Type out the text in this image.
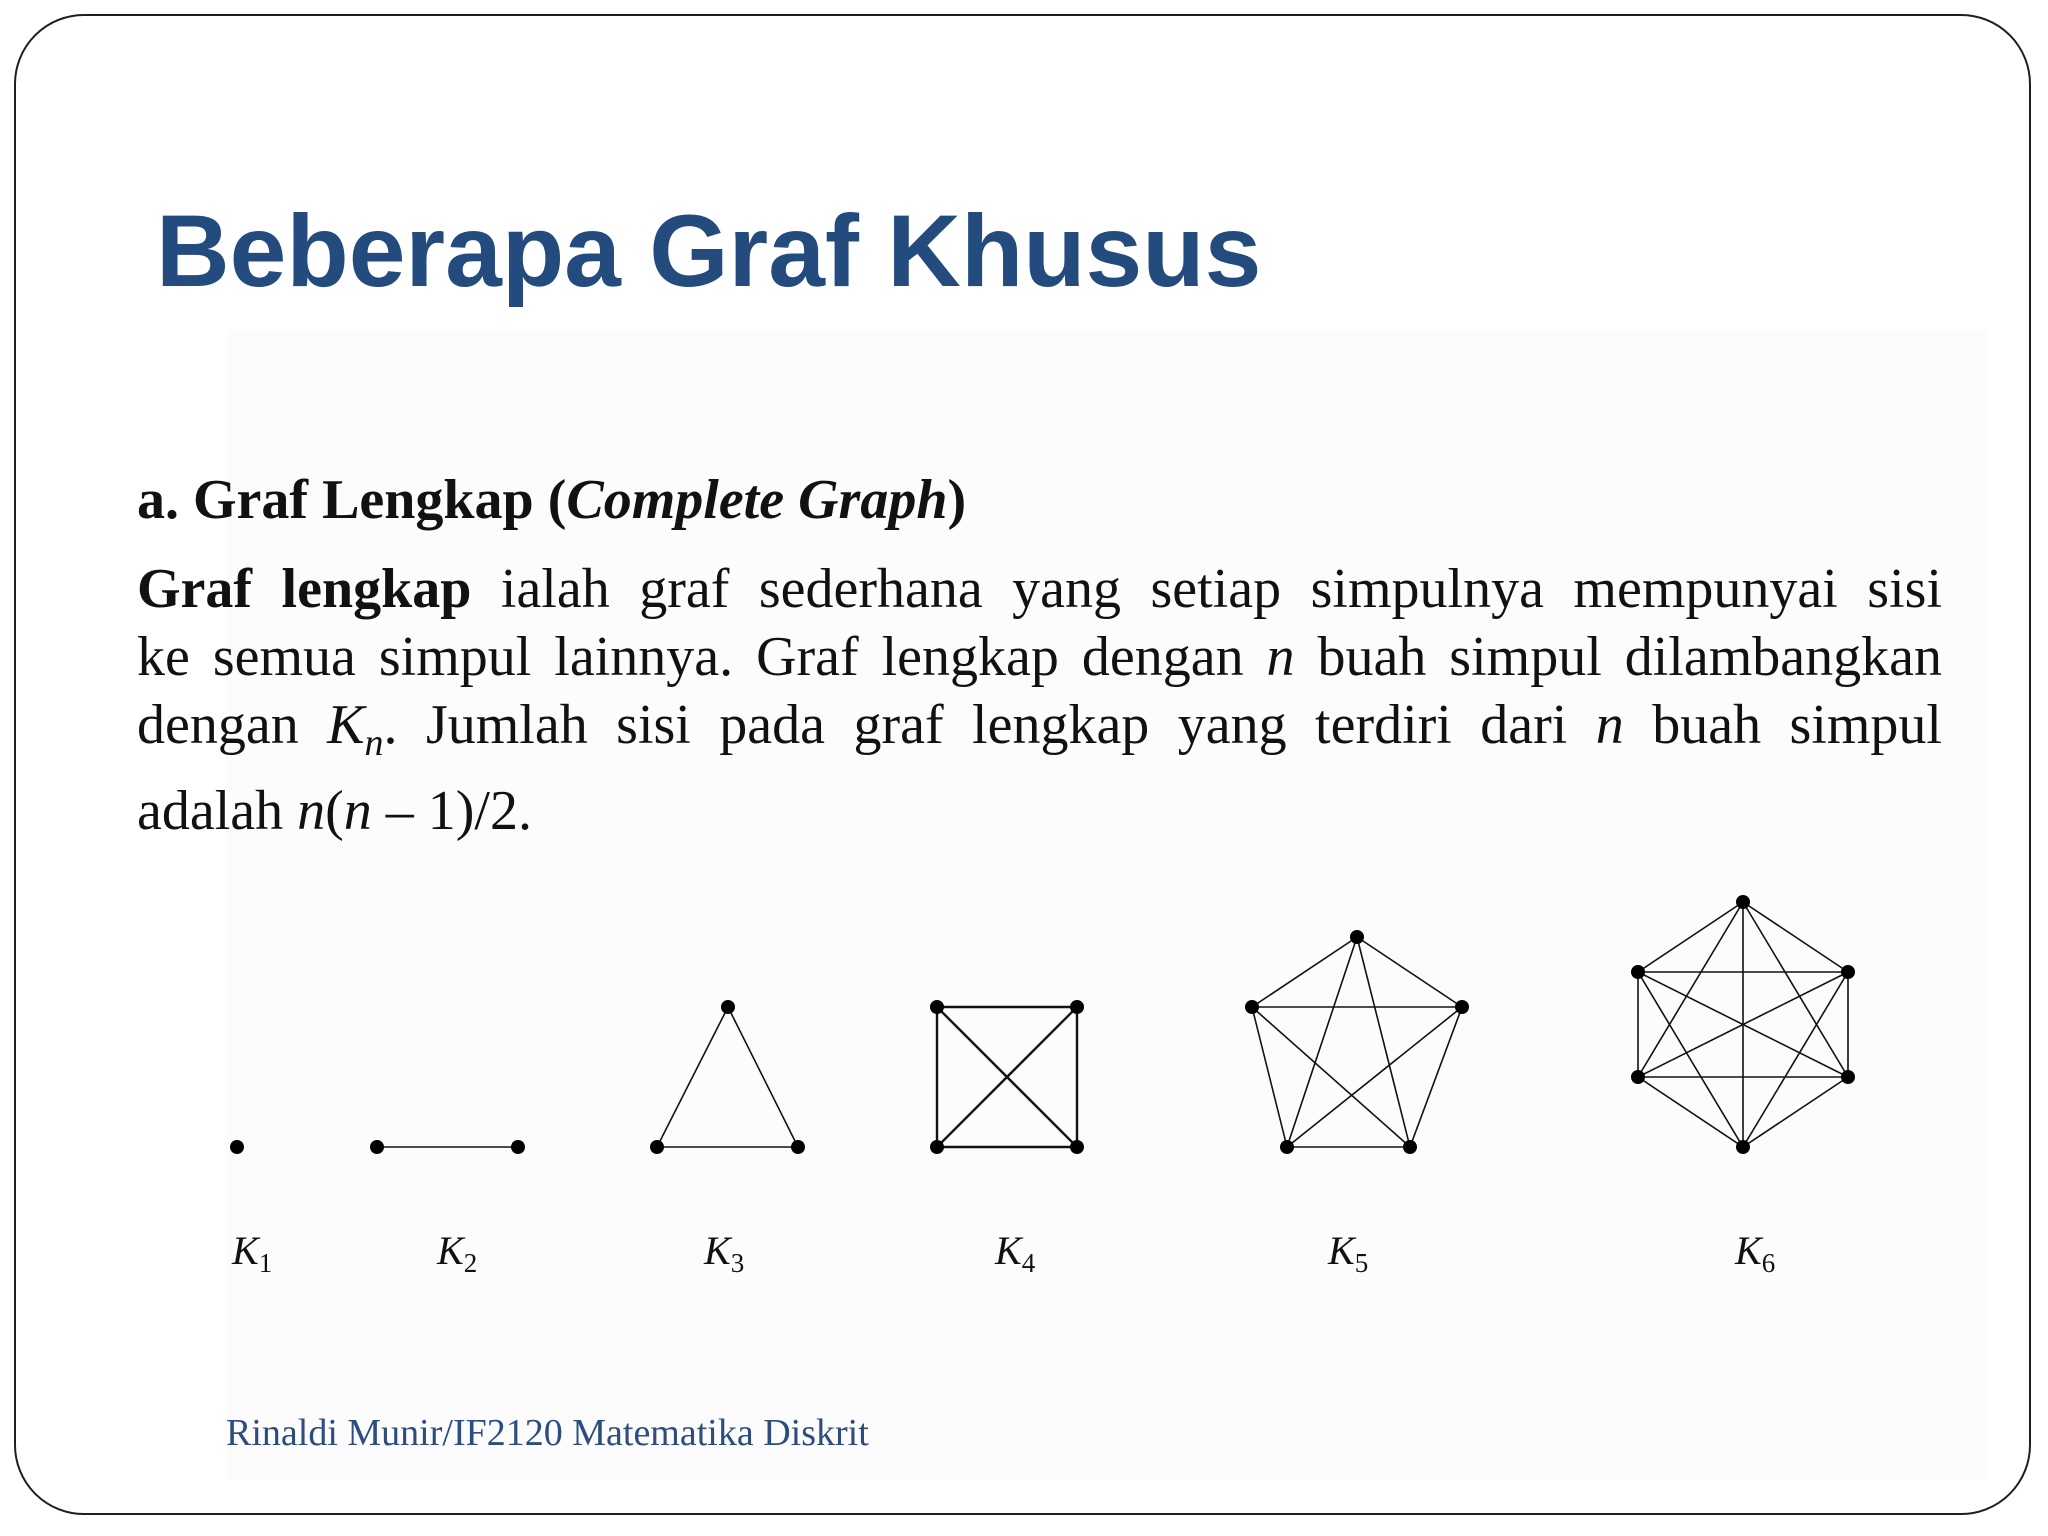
Beberapa Graf Khusus

a. Graf Lengkap (Complete Graph)

Graf lengkap ialah graf sederhana yang setiap simpulnya mempunyai sisi
ke semua simpul lainnya. Graf lengkap dengan n buah simpul dilambangkan
dengan $K_n$. Jumlah sisi pada graf lengkap yang terdiri dari n buah simpul
adalah n(n – 1)/2.
$K_1$	$K_2$	$K_3$	$K_4$	$K_5$	$K_6$
Rinaldi Munir/IF2120 Matematika Diskrit
